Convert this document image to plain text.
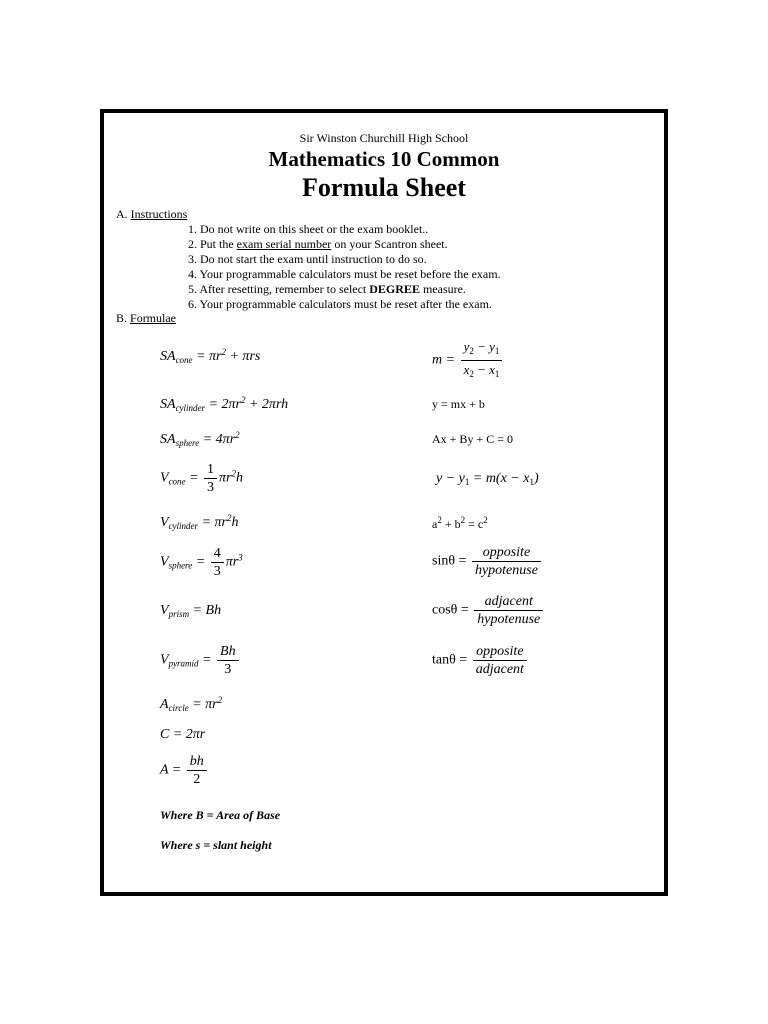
Sir Winston Churchill High School
Mathematics 10 Common
Formula Sheet
A. Instructions
1. Do not write on this sheet or the exam booklet..
2. Put the exam serial number on your Scantron sheet.
3. Do not start the exam until instruction to do so.
4. Your programmable calculators must be reset before the exam.
5. After resetting, remember to select DEGREE measure.
6. Your programmable calculators must be reset after the exam.
B. Formulae
$SA_{cone} = \pi r^2 + \pi rs$
$SA_{cylinder} = 2\pi r^2 + 2\pi rh$
$SA_{sphere} = 4\pi r^2$
$V_{cone} = \frac{1}{3} \pi r^2h$
$V_{cylinder} = \pi r^2h$
$V_{sphere} = \frac{4}{3} \pi r^3$
$V_{prism} = Bh$
$V_{pyramid} = \frac{Bh}{3}$
$A_{circle} = \pi r^2$
C = 2πr
$A = \frac{bh}{2}$
Where B = Area of Base
Where s = slant height
$m = \frac{y_2 - y_1}{x_2 - x_1}$
y = mx + b
Ax + By + C = 0
$y - y_1 = m(x - x_1)$
$a^2 + b^2 = c^2$
$\sin\theta = \frac{\text{opposite}}{\text{hypotenuse}}$
$\cos\theta = \frac{\text{adjacent}}{\text{hypotenuse}}$
$\tan\theta = \frac{\text{opposite}}{\text{adjacent}}$
